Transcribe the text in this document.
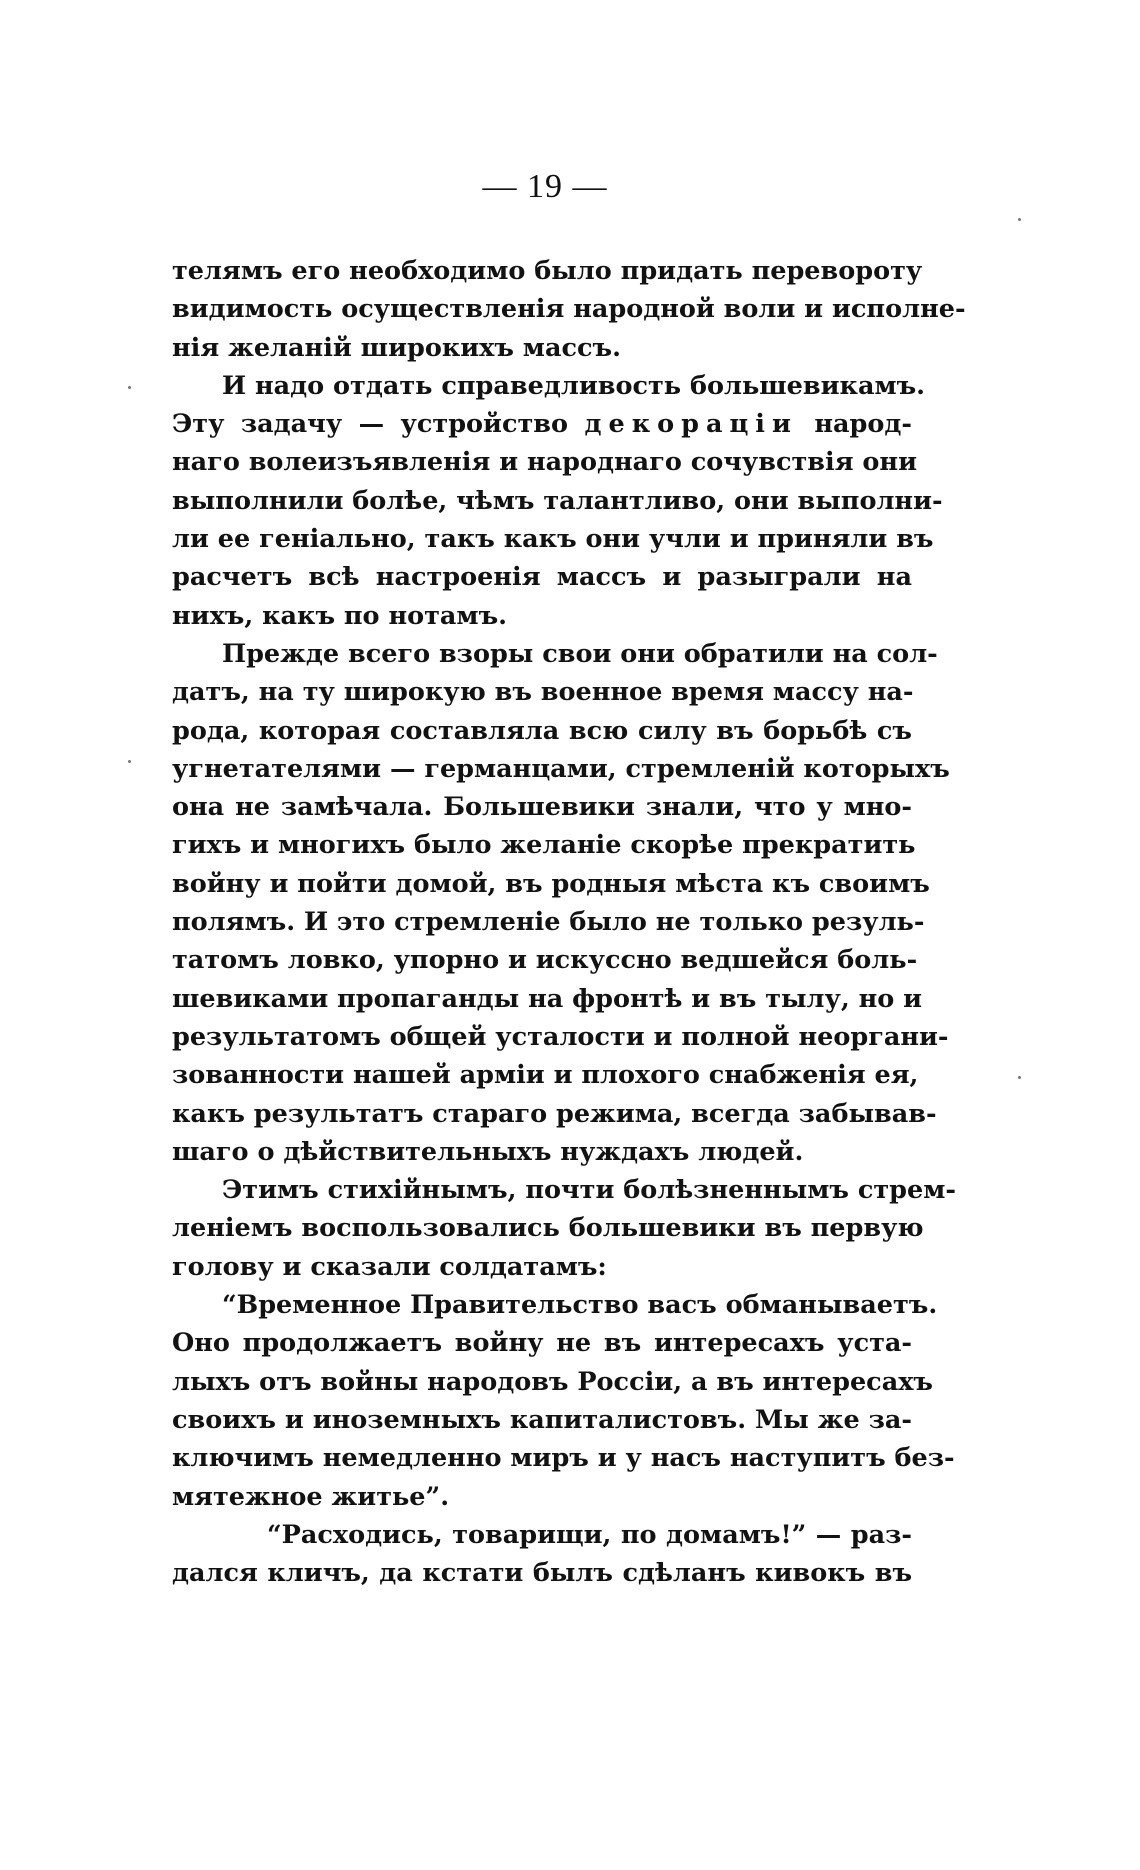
— 19 —
телямъ его необходимо было придать перевороту
видимость осуществленія народной воли и исполне-
нія желаній широкихъ массъ.
И надо отдать справедливость большевикамъ.
Эту задачу — устройство декораціи народ-
наго волеизъявленія и народнаго сочувствія они
выполнили болѣе, чѣмъ талантливо, они выполни-
ли ее геніально, такъ какъ они учли и приняли въ
расчетъ всѣ настроенія массъ и разыграли на
нихъ, какъ по нотамъ.
Прежде всего взоры свои они обратили на сол-
датъ, на ту широкую въ военное время массу на-
рода, которая составляла всю силу въ борьбѣ съ
угнетателями — германцами, стремленій которыхъ
она не замѣчала. Большевики знали, что у мно-
гихъ и многихъ было желаніе скорѣе прекратить
войну и пойти домой, въ родныя мѣста къ своимъ
полямъ. И это стремленіе было не только резуль-
татомъ ловко, упорно и искусcно ведшейся боль-
шевиками пропаганды на фронтѣ и въ тылу, но и
результатомъ общей усталости и полной неоргани-
зованности нашей арміи и плохого снабженія ея,
какъ результатъ стараго режима, всегда забывав-
шаго о дѣйствительныхъ нуждахъ людей.
Этимъ стихійнымъ, почти болѣзненнымъ стрем-
леніемъ воспользовались большевики въ первую
голову и сказали солдатамъ:
“Временное Правительство васъ обманываетъ.
Оно продолжаетъ войну не въ интересахъ уста-
лыхъ отъ войны народовъ Россіи, а въ интересахъ
своихъ и иноземныхъ капиталистовъ. Мы же за-
ключимъ немедленно миръ и у насъ наступитъ без-
мятежное житье”.
“Расходись, товарищи, по домамъ!” — раз-
дался кличъ, да кстати былъ сдѣланъ кивокъ въ
